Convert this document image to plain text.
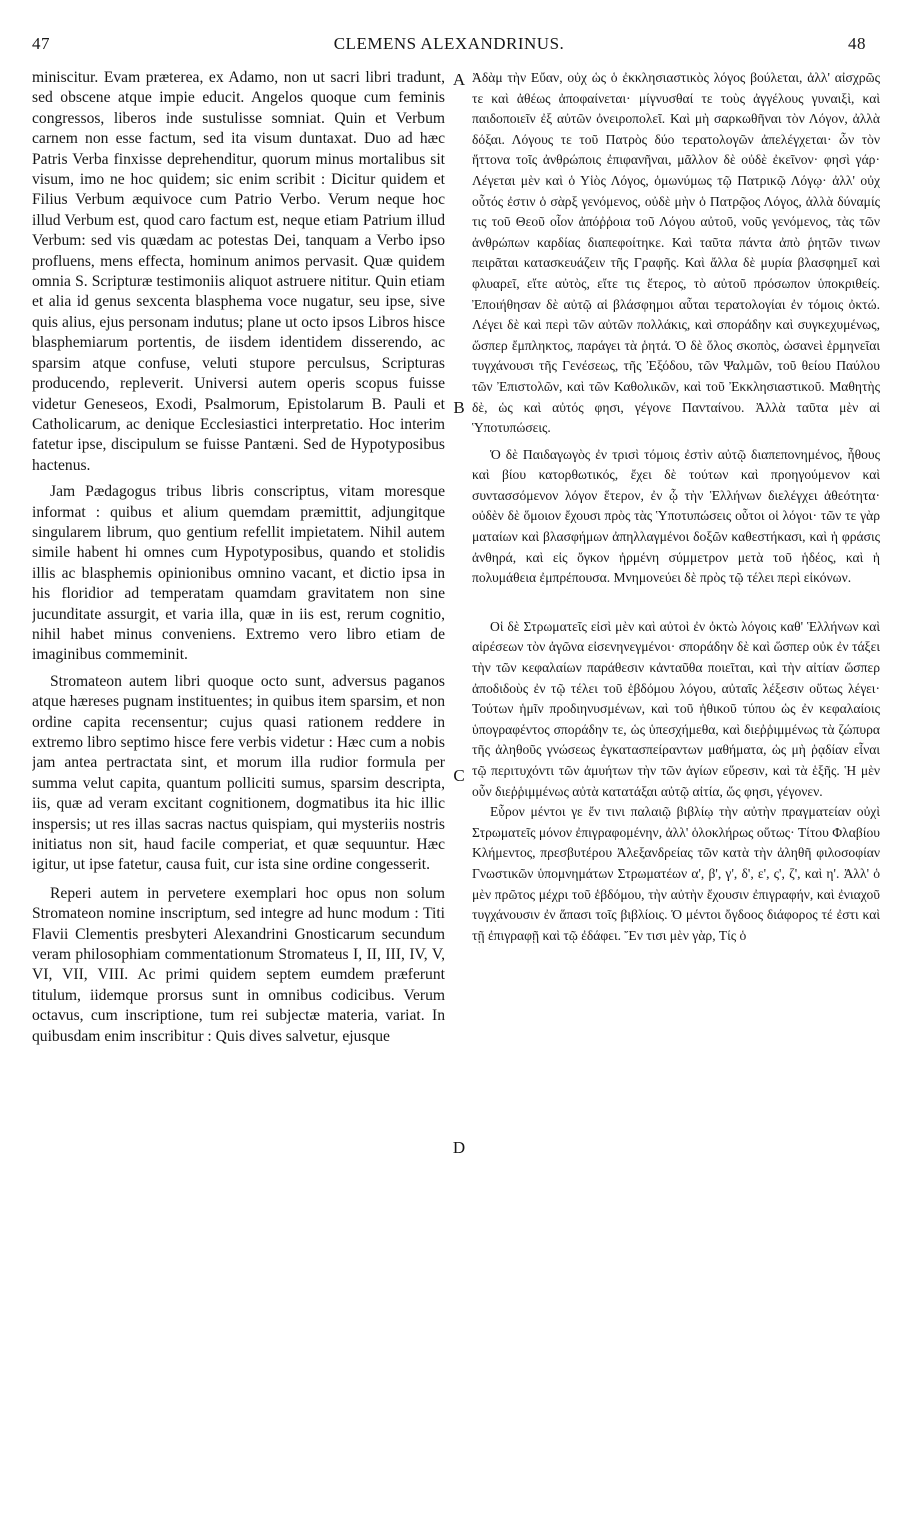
47	CLEMENS ALEXANDRINUS.	48

miniscitur. Evam præterea, ex Adamo, non ut sacri libri tradunt, sed obscene atque impie educit. Angelos quoque cum feminis congressos, liberos inde sustulisse somniat. Quin et Verbum carnem non esse factum, sed ita visum duntaxat. Duo ad hæc Patris Verba finxisse deprehenditur, quorum minus mortalibus sit visum, imo ne hoc quidem; sic enim scribit : Dicitur quidem et Filius Verbum æquivoce cum Patrio Verbo. Verum neque hoc illud Verbum est, quod caro factum est, neque etiam Patrium illud Verbum: sed vis quædam ac potestas Dei, tanquam a Verbo ipso profluens, mens effecta, hominum animos pervasit. Quæ quidem omnia S. Scripturæ testimoniis aliquot astruere nititur. Quin etiam et alia id genus sexcenta blasphema voce nugatur, seu ipse, sive quis alius, ejus personam indutus; plane ut octo ipsos Libros hisce blasphemiarum portentis, de iisdem identidem disserendo, ac sparsim atque confuse, veluti stupore perculsus, Scripturas producendo, repleverit. Universi autem operis scopus fuisse videtur Geneseos, Exodi, Psalmorum, Epistolarum B. Pauli et Catholicarum, ac denique Ecclesiastici interpretatio. Hoc interim fatetur ipse, discipulum se fuisse Pantæni. Sed de Hypotyposibus hactenus.

Jam Pædagogus tribus libris conscriptus, vitam moresque informat : quibus et alium quemdam præmittit, adjungitque singularem librum, quo gentium refellit impietatem. Nihil autem simile habent hi omnes cum Hypotyposibus, quando et stolidis illis ac blasphemis opinionibus omnino vacant, et dictio ipsa in his floridior ad temperatam quamdam gravitatem non sine jucunditate assurgit, et varia illa, quæ in iis est, rerum cognitio, nihil habet minus conveniens. Extremo vero libro etiam de imaginibus commeminit.

Stromateon autem libri quoque octo sunt, adversus paganos atque hæreses pugnam instituentes; in quibus item sparsim, et non ordine capita recensentur; cujus quasi rationem reddere in extremo libro septimo hisce fere verbis videtur : Hæc cum a nobis jam antea pertractata sint, et morum illa rudior formula per summa velut capita, quantum polliciti sumus, sparsim descripta, iis, quæ ad veram excitant cognitionem, dogmatibus ita hic illic inspersis; ut res illas sacras nactus quispiam, qui mysteriis nostris initiatus non sit, haud facile comperiat, et quæ sequuntur. Hæc igitur, ut ipse fatetur, causa fuit, cur ista sine ordine congesserit.

Reperi autem in pervetere exemplari hoc opus non solum Stromateon nomine inscriptum, sed integre ad hunc modum : Titi Flavii Clementis presbyteri Alexandrini Gnosticarum secundum veram philosophiam commentationum Stromateus I, II, III, IV, V, VI, VII, VIII. Ac primi quidem septem eumdem præferunt titulum, iidemque prorsus sunt in omnibus codicibus. Verum octavus, cum inscriptione, tum rei subjectæ materia, variat. In quibusdam enim inscribitur : Quis dives salvetur, ejusque

A
B
C
D

Ἀδὰμ τὴν Εὔαν, οὐχ ὡς ὁ ἐκκλησιαστικὸς λόγος βούλεται, ἀλλ' αἰσχρῶς τε καὶ ἀθέως ἀποφαίνεται· μίγνυσθαί τε τοὺς ἀγγέλους γυναιξὶ, καὶ παιδοποιεῖν ἐξ αὐτῶν ὀνειροπολεῖ. Καὶ μὴ σαρκωθῆναι τὸν Λόγον, ἀλλὰ δόξαι. Λόγους τε τοῦ Πατρὸς δύο τερατολογῶν ἀπελέγχεται· ὧν τὸν ἥττονα τοῖς ἀνθρώποις ἐπιφανῆναι, μᾶλλον δὲ οὐδὲ ἐκεῖνον· φησὶ γάρ· Λέγεται μὲν καὶ ὁ Υἱὸς Λόγος, ὁμωνύμως τῷ Πατρικῷ Λόγῳ· ἀλλ' οὐχ οὗτός ἐστιν ὁ σὰρξ γενόμενος, οὐδὲ μὴν ὁ Πατρῷος Λόγος, ἀλλὰ δύναμίς τις τοῦ Θεοῦ οἷον ἀπόῤῥοια τοῦ Λόγου αὐτοῦ, νοῦς γενόμενος, τὰς τῶν ἀνθρώπων καρδίας διαπεφοίτηκε. Καὶ ταῦτα πάντα ἀπὸ ῥητῶν τινων πειρᾶται κατασκευάζειν τῆς Γραφῆς. Καὶ ἄλλα δὲ μυρία βλασφημεῖ καὶ φλυαρεῖ, εἴτε αὐτὸς, εἴτε τις ἕτερος, τὸ αὐτοῦ πρόσωπον ὑποκριθείς. Ἐποιήθησαν δὲ αὐτῷ αἱ βλάσφημοι αὗται τερατολογίαι ἐν τόμοις ὀκτώ. Λέγει δὲ καὶ περὶ τῶν αὐτῶν πολλάκις, καὶ σποράδην καὶ συγκεχυμένως, ὥσπερ ἔμπληκτος, παράγει τὰ ῥητά. Ὁ δὲ ὅλος σκοπὸς, ὡσανεὶ ἑρμηνεῖαι τυγχάνουσι τῆς Γενέσεως, τῆς Ἐξόδου, τῶν Ψαλμῶν, τοῦ θείου Παύλου τῶν Ἐπιστολῶν, καὶ τῶν Καθολικῶν, καὶ τοῦ Ἐκκλησιαστικοῦ. Μαθητὴς δὲ, ὡς καὶ αὐτός φησι, γέγονε Πανταίνου. Ἀλλὰ ταῦτα μὲν αἱ Ὑποτυπώσεις.

Ὁ δὲ Παιδαγωγὸς ἐν τρισὶ τόμοις ἐστὶν αὐτῷ διαπεπονημένος, ἦθους καὶ βίου κατορθωτικός, ἔχει δὲ τούτων καὶ προηγούμενον καὶ συντασσόμενον λόγον ἕτερον, ἐν ᾧ τὴν Ἑλλήνων διελέγχει ἀθεότητα· οὐδὲν δὲ ὅμοιον ἔχουσι πρὸς τὰς Ὑποτυπώσεις οὗτοι οἱ λόγοι· τῶν τε γὰρ ματαίων καὶ βλασφήμων ἀπηλλαγμένοι δοξῶν καθεστήκασι, καὶ ἡ φράσις ἀνθηρά, καὶ εἰς ὄγκον ἠρμένη σύμμετρον μετὰ τοῦ ἡδέος, καὶ ἡ πολυμάθεια ἐμπρέπουσα. Μνημονεύει δὲ πρὸς τῷ τέλει περὶ εἰκόνων.

Οἱ δὲ Στρωματεῖς εἰσὶ μὲν καὶ αὐτοὶ ἐν ὀκτὼ λόγοις καθ' Ἑλλήνων καὶ αἱρέσεων τὸν ἀγῶνα εἰσενηνεγμένοι· σποράδην δὲ καὶ ὥσπερ οὐκ ἐν τάξει τὴν τῶν κεφαλαίων παράθεσιν κἀνταῦθα ποιεῖται, καὶ τὴν αἰτίαν ὥσπερ ἀποδιδοὺς ἐν τῷ τέλει τοῦ ἑβδόμου λόγου, αὐταῖς λέξεσιν οὕτως λέγει· Τούτων ἡμῖν προδιηνυσμένων, καὶ τοῦ ἠθικοῦ τύπου ὡς ἐν κεφαλαίοις ὑπογραφέντος σποράδην τε, ὡς ὑπεσχήμεθα, καὶ διεῤῥιμμένως τὰ ζώπυρα τῆς ἀληθοῦς γνώσεως ἐγκατασπείραντων μαθήματα, ὡς μὴ ῥᾳδίαν εἶναι τῷ περιτυχόντι τῶν ἀμυήτων τὴν τῶν ἁγίων εὕρεσιν, καὶ τὰ ἑξῆς. Ἡ μὲν οὖν διεῤῥιμμένως αὐτὰ κατατάξαι αὐτῷ αἰτία, ὥς φησι, γέγονεν.

Εὗρον μέντοι γε ἔν τινι παλαιῷ βιβλίῳ τὴν αὐτὴν πραγματείαν οὐχὶ Στρωματεῖς μόνον ἐπιγραφομένην, ἀλλ' ὁλοκλήρως οὕτως· Τίτου Φλαβίου Κλήμεντος, πρεσβυτέρου Ἀλεξανδρείας τῶν κατὰ τὴν ἀληθῆ φιλοσοφίαν Γνωστικῶν ὑπομνημάτων Στρωματέων α', β', γ', δ', ε', ς', ζ', καὶ η'. Ἀλλ' ὁ μὲν πρῶτος μέχρι τοῦ ἑβδόμου, τὴν αὐτὴν ἔχουσιν ἐπιγραφήν, καὶ ἐνιαχοῦ τυγχάνουσιν ἐν ἅπασι τοῖς βιβλίοις. Ὁ μέντοι ὄγδοος διάφορος τέ ἐστι καὶ τῇ ἐπιγραφῇ καὶ τῷ ἐδάφει. Ἔν τισι μὲν γὰρ, Τίς ὁ
